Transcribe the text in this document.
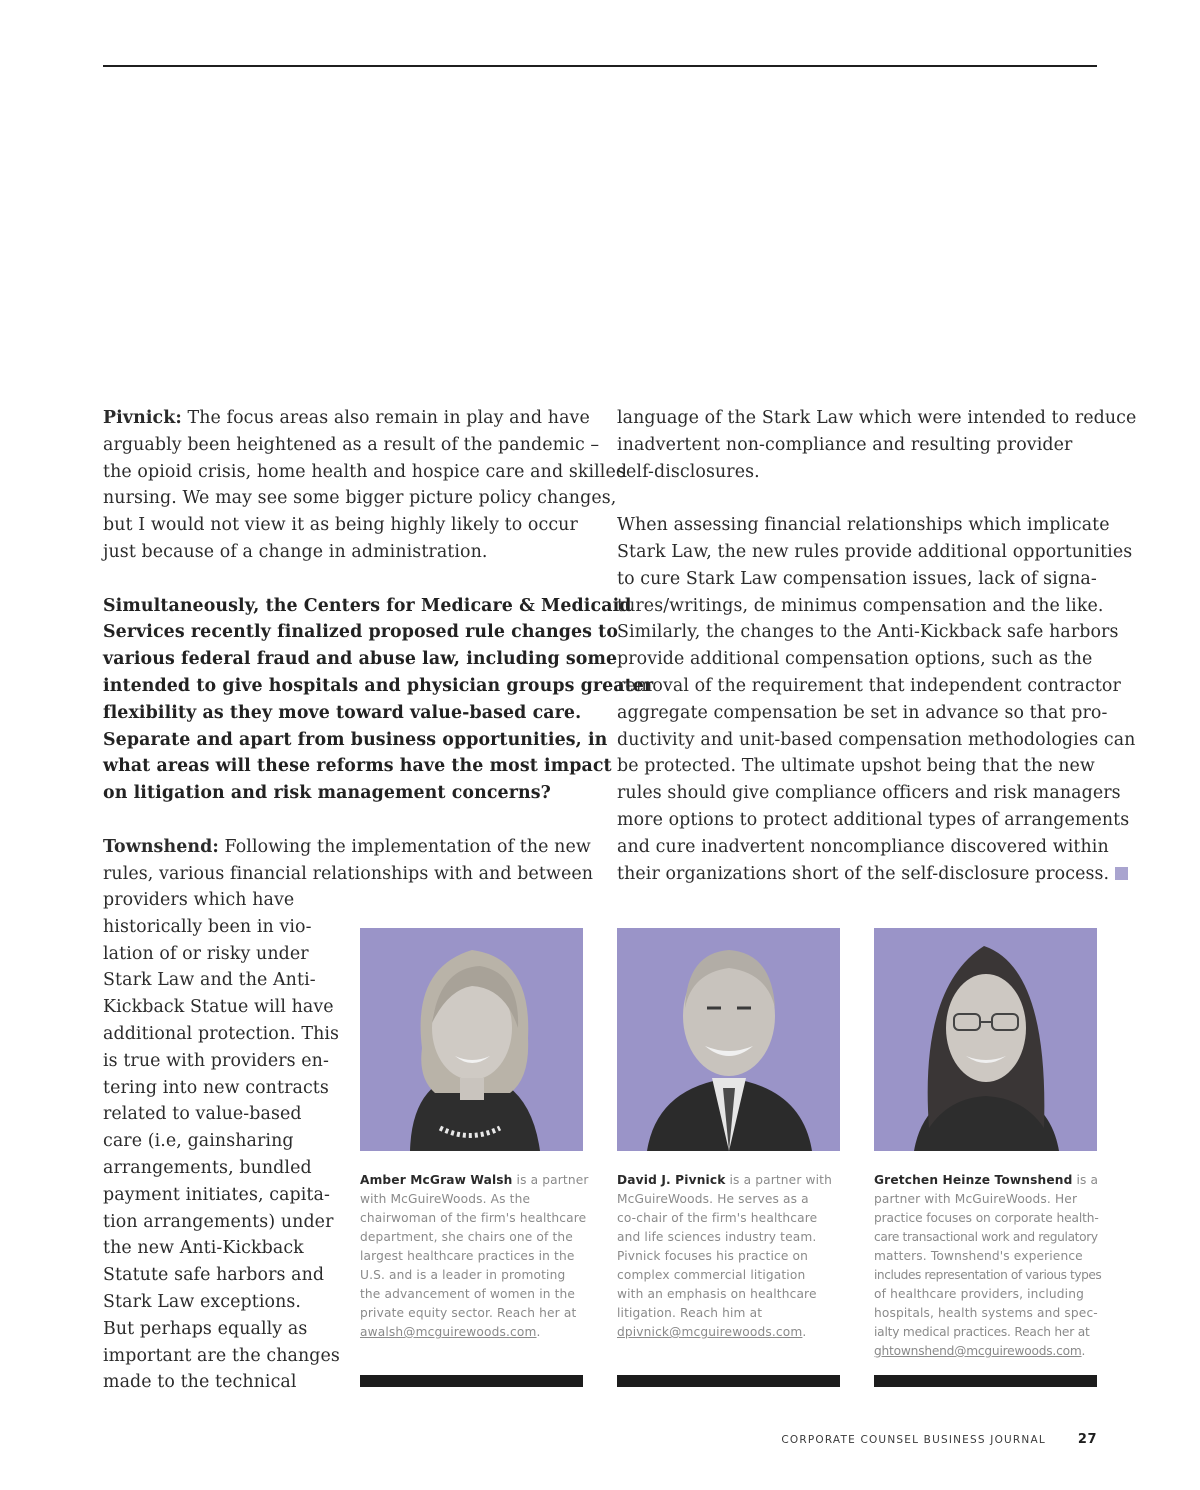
Pivnick: The focus areas also remain in play and have
arguably been heightened as a result of the pandemic –
the opioid crisis, home health and hospice care and skilled
nursing. We may see some bigger picture policy changes,
but I would not view it as being highly likely to occur
just because of a change in administration.
Simultaneously, the Centers for Medicare & Medicaid
Services recently finalized proposed rule changes to
various federal fraud and abuse law, including some
intended to give hospitals and physician groups greater
flexibility as they move toward value-based care.
Separate and apart from business opportunities, in
what areas will these reforms have the most impact
on litigation and risk management concerns?
Townshend: Following the implementation of the new
rules, various financial relationships with and between
providers which have
historically been in vio-
lation of or risky under
Stark Law and the Anti-
Kickback Statue will have
additional protection. This
is true with providers en-
tering into new contracts
related to value-based
care (i.e, gainsharing
arrangements, bundled
payment initiates, capita-
tion arrangements) under
the new Anti-Kickback
Statute safe harbors and
Stark Law exceptions.
But perhaps equally as
important are the changes
made to the technical
language of the Stark Law which were intended to reduce
inadvertent non-compliance and resulting provider
self-disclosures.
When assessing financial relationships which implicate
Stark Law, the new rules provide additional opportunities
to cure Stark Law compensation issues, lack of signa-
tures/writings, de minimus compensation and the like.
Similarly, the changes to the Anti-Kickback safe harbors
provide additional compensation options, such as the
removal of the requirement that independent contractor
aggregate compensation be set in advance so that pro-
ductivity and unit-based compensation methodologies can
be protected. The ultimate upshot being that the new
rules should give compliance officers and risk managers
more options to protect additional types of arrangements
and cure inadvertent noncompliance discovered within
their organizations short of the self-disclosure process.
Amber McGraw Walsh is a partner
with McGuireWoods. As the
chairwoman of the firm's healthcare
department, she chairs one of the
largest healthcare practices in the
U.S. and is a leader in promoting
the advancement of women in the
private equity sector. Reach her at
awalsh@mcguirewoods.com.
David J. Pivnick is a partner with
McGuireWoods. He serves as a
co-chair of the firm's healthcare
and life sciences industry team.
Pivnick focuses his practice on
complex commercial litigation
with an emphasis on healthcare
litigation. Reach him at
dpivnick@mcguirewoods.com.
Gretchen Heinze Townshend is a
partner with McGuireWoods. Her
practice focuses on corporate health-
care transactional work and regulatory
matters. Townshend's experience
includes representation of various types
of healthcare providers, including
hospitals, health systems and spec-
ialty medical practices. Reach her at
ghtownshend@mcguirewoods.com.
CORPORATE COUNSEL BUSINESS JOURNAL 27
